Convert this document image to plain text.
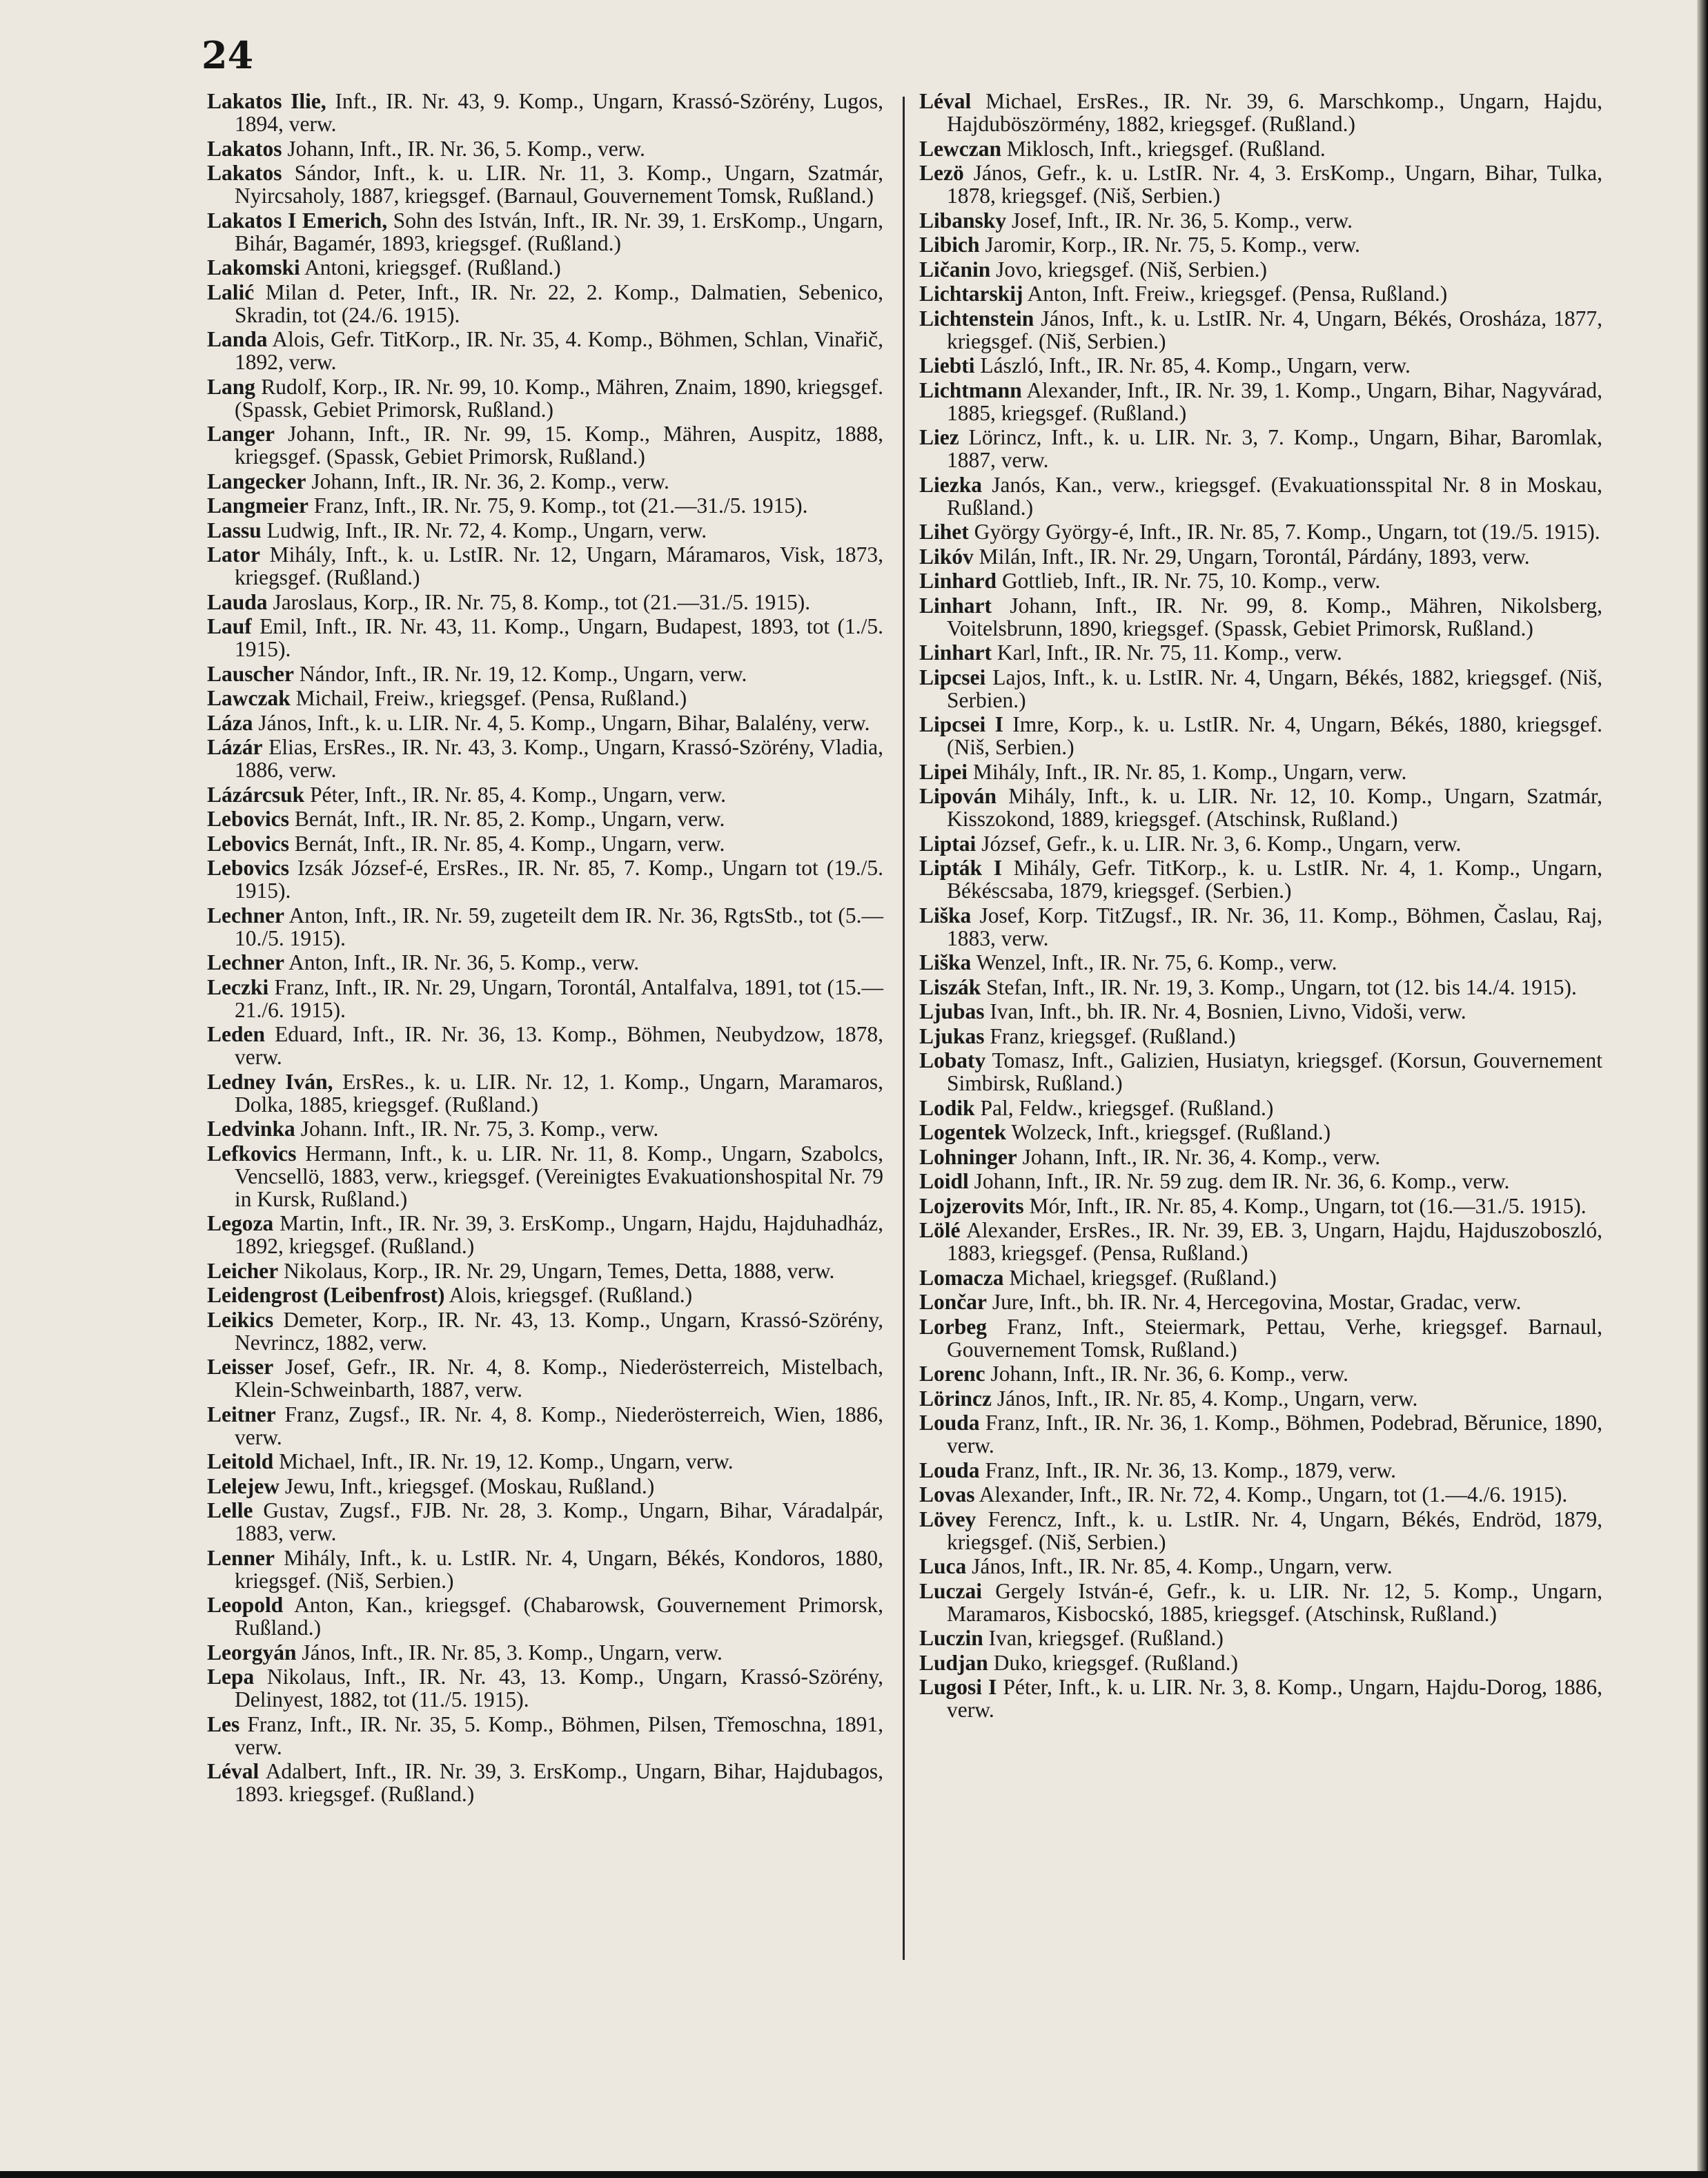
24

Lakatos Ilie, Inft., IR. Nr. 43, 9. Komp., Ungarn, Krassó-Szörény, Lugos, 1894, verw.

Lakatos Johann, Inft., IR. Nr. 36, 5. Komp., verw.

Lakatos Sándor, Inft., k. u. LIR. Nr. 11, 3. Komp., Ungarn, Szatmár, Nyircsaholy, 1887, kriegsgef. (Barnaul, Gouvernement Tomsk, Rußland.)

Lakatos I Emerich, Sohn des István, Inft., IR. Nr. 39, 1. ErsKomp., Ungarn, Bihár, Bagamér, 1893, kriegsgef. (Rußland.)

Lakomski Antoni, kriegsgef. (Rußland.)

Lalić Milan d. Peter, Inft., IR. Nr. 22, 2. Komp., Dalmatien, Sebenico, Skradin, tot (24./6. 1915).

Landa Alois, Gefr. TitKorp., IR. Nr. 35, 4. Komp., Böhmen, Schlan, Vinařič, 1892, verw.

Lang Rudolf, Korp., IR. Nr. 99, 10. Komp., Mähren, Znaim, 1890, kriegsgef. (Spassk, Gebiet Primorsk, Rußland.)

Langer Johann, Inft., IR. Nr. 99, 15. Komp., Mähren, Auspitz, 1888, kriegsgef. (Spassk, Gebiet Primorsk, Rußland.)

Langecker Johann, Inft., IR. Nr. 36, 2. Komp., verw.

Langmeier Franz, Inft., IR. Nr. 75, 9. Komp., tot (21.—31./5. 1915).

Lassu Ludwig, Inft., IR. Nr. 72, 4. Komp., Ungarn, verw.

Lator Mihály, Inft., k. u. LstIR. Nr. 12, Ungarn, Máramaros, Visk, 1873, kriegsgef. (Rußland.)

Lauda Jaroslaus, Korp., IR. Nr. 75, 8. Komp., tot (21.—31./5. 1915).

Lauf Emil, Inft., IR. Nr. 43, 11. Komp., Ungarn, Budapest, 1893, tot (1./5. 1915).

Lauscher Nándor, Inft., IR. Nr. 19, 12. Komp., Ungarn, verw.

Lawczak Michail, Freiw., kriegsgef. (Pensa, Rußland.)

Láza János, Inft., k. u. LIR. Nr. 4, 5. Komp., Ungarn, Bihar, Balalény, verw.

Lázár Elias, ErsRes., IR. Nr. 43, 3. Komp., Ungarn, Krassó-Szörény, Vladia, 1886, verw.

Lázárcsuk Péter, Inft., IR. Nr. 85, 4. Komp., Ungarn, verw.

Lebovics Bernát, Inft., IR. Nr. 85, 2. Komp., Ungarn, verw.

Lebovics Bernát, Inft., IR. Nr. 85, 4. Komp., Ungarn, verw.

Lebovics Izsák József-é, ErsRes., IR. Nr. 85, 7. Komp., Ungarn tot (19./5. 1915).

Lechner Anton, Inft., IR. Nr. 59, zugeteilt dem IR. Nr. 36, RgtsStb., tot (5.—10./5. 1915).

Lechner Anton, Inft., IR. Nr. 36, 5. Komp., verw.

Leczki Franz, Inft., IR. Nr. 29, Ungarn, Torontál, Antalfalva, 1891, tot (15.—21./6. 1915).

Leden Eduard, Inft., IR. Nr. 36, 13. Komp., Böhmen, Neubydzow, 1878, verw.

Ledney Iván, ErsRes., k. u. LIR. Nr. 12, 1. Komp., Ungarn, Maramaros, Dolka, 1885, kriegsgef. (Rußland.)

Ledvinka Johann. Inft., IR. Nr. 75, 3. Komp., verw.

Lefkovics Hermann, Inft., k. u. LIR. Nr. 11, 8. Komp., Ungarn, Szabolcs, Vencsellö, 1883, verw., kriegsgef. (Vereinigtes Evakuationshospital Nr. 79 in Kursk, Rußland.)

Legoza Martin, Inft., IR. Nr. 39, 3. ErsKomp., Ungarn, Hajdu, Hajduhadház, 1892, kriegsgef. (Rußland.)

Leicher Nikolaus, Korp., IR. Nr. 29, Ungarn, Temes, Detta, 1888, verw.

Leidengrost (Leibenfrost) Alois, kriegsgef. (Rußland.)

Leikics Demeter, Korp., IR. Nr. 43, 13. Komp., Ungarn, Krassó-Szörény, Nevrincz, 1882, verw.

Leisser Josef, Gefr., IR. Nr. 4, 8. Komp., Niederösterreich, Mistelbach, Klein-Schweinbarth, 1887, verw.

Leitner Franz, Zugsf., IR. Nr. 4, 8. Komp., Niederösterreich, Wien, 1886, verw.

Leitold Michael, Inft., IR. Nr. 19, 12. Komp., Ungarn, verw.

Lelejew Jewu, Inft., kriegsgef. (Moskau, Rußland.)

Lelle Gustav, Zugsf., FJB. Nr. 28, 3. Komp., Ungarn, Bihar, Váradalpár, 1883, verw.

Lenner Mihály, Inft., k. u. LstIR. Nr. 4, Ungarn, Békés, Kondoros, 1880, kriegsgef. (Niš, Serbien.)

Leopold Anton, Kan., kriegsgef. (Chabarowsk, Gouvernement Primorsk, Rußland.)

Leorgyán János, Inft., IR. Nr. 85, 3. Komp., Ungarn, verw.

Lepa Nikolaus, Inft., IR. Nr. 43, 13. Komp., Ungarn, Krassó-Szörény, Delinyest, 1882, tot (11./5. 1915).

Les Franz, Inft., IR. Nr. 35, 5. Komp., Böhmen, Pilsen, Třemoschna, 1891, verw.

Léval Adalbert, Inft., IR. Nr. 39, 3. ErsKomp., Ungarn, Bihar, Hajdubagos, 1893. kriegsgef. (Rußland.)

Léval Michael, ErsRes., IR. Nr. 39, 6. Marschkomp., Ungarn, Hajdu, Hajduböszörmény, 1882, kriegsgef. (Rußland.)

Lewczan Miklosch, Inft., kriegsgef. (Rußland.

Lezö János, Gefr., k. u. LstIR. Nr. 4, 3. ErsKomp., Ungarn, Bihar, Tulka, 1878, kriegsgef. (Niš, Serbien.)

Libansky Josef, Inft., IR. Nr. 36, 5. Komp., verw.

Libich Jaromir, Korp., IR. Nr. 75, 5. Komp., verw.

Ličanin Jovo, kriegsgef. (Niš, Serbien.)

Lichtarskij Anton, Inft. Freiw., kriegsgef. (Pensa, Rußland.)

Lichtenstein János, Inft., k. u. LstIR. Nr. 4, Ungarn, Békés, Orosháza, 1877, kriegsgef. (Niš, Serbien.)

Liebti László, Inft., IR. Nr. 85, 4. Komp., Ungarn, verw.

Lichtmann Alexander, Inft., IR. Nr. 39, 1. Komp., Ungarn, Bihar, Nagyvárad, 1885, kriegsgef. (Rußland.)

Liez Lörincz, Inft., k. u. LIR. Nr. 3, 7. Komp., Ungarn, Bihar, Baromlak, 1887, verw.

Liezka Janós, Kan., verw., kriegsgef. (Evakuationsspital Nr. 8 in Moskau, Rußland.)

Lihet György György-é, Inft., IR. Nr. 85, 7. Komp., Ungarn, tot (19./5. 1915).

Likóv Milán, Inft., IR. Nr. 29, Ungarn, Torontál, Párdány, 1893, verw.

Linhard Gottlieb, Inft., IR. Nr. 75, 10. Komp., verw.

Linhart Johann, Inft., IR. Nr. 99, 8. Komp., Mähren, Nikolsberg, Voitelsbrunn, 1890, kriegsgef. (Spassk, Gebiet Primorsk, Rußland.)

Linhart Karl, Inft., IR. Nr. 75, 11. Komp., verw.

Lipcsei Lajos, Inft., k. u. LstIR. Nr. 4, Ungarn, Békés, 1882, kriegsgef. (Niš, Serbien.)

Lipcsei I Imre, Korp., k. u. LstIR. Nr. 4, Ungarn, Békés, 1880, kriegsgef. (Niš, Serbien.)

Lipei Mihály, Inft., IR. Nr. 85, 1. Komp., Ungarn, verw.

Lipován Mihály, Inft., k. u. LIR. Nr. 12, 10. Komp., Ungarn, Szatmár, Kisszokond, 1889, kriegsgef. (Atschinsk, Rußland.)

Liptai József, Gefr., k. u. LIR. Nr. 3, 6. Komp., Ungarn, verw.

Lipták I Mihály, Gefr. TitKorp., k. u. LstIR. Nr. 4, 1. Komp., Ungarn, Békéscsaba, 1879, kriegsgef. (Serbien.)

Liška Josef, Korp. TitZugsf., IR. Nr. 36, 11. Komp., Böhmen, Časlau, Raj, 1883, verw.

Liška Wenzel, Inft., IR. Nr. 75, 6. Komp., verw.

Liszák Stefan, Inft., IR. Nr. 19, 3. Komp., Ungarn, tot (12. bis 14./4. 1915).

Ljubas Ivan, Inft., bh. IR. Nr. 4, Bosnien, Livno, Vidoši, verw.

Ljukas Franz, kriegsgef. (Rußland.)

Lobaty Tomasz, Inft., Galizien, Husiatyn, kriegsgef. (Korsun, Gouvernement Simbirsk, Rußland.)

Lodik Pal, Feldw., kriegsgef. (Rußland.)

Logentek Wolzeck, Inft., kriegsgef. (Rußland.)

Lohninger Johann, Inft., IR. Nr. 36, 4. Komp., verw.

Loidl Johann, Inft., IR. Nr. 59 zug. dem IR. Nr. 36, 6. Komp., verw.

Lojzerovits Mór, Inft., IR. Nr. 85, 4. Komp., Ungarn, tot (16.—31./5. 1915).

Lölé Alexander, ErsRes., IR. Nr. 39, EB. 3, Ungarn, Hajdu, Hajduszoboszló, 1883, kriegsgef. (Pensa, Rußland.)

Lomacza Michael, kriegsgef. (Rußland.)

Lončar Jure, Inft., bh. IR. Nr. 4, Hercegovina, Mostar, Gradac, verw.

Lorbeg Franz, Inft., Steiermark, Pettau, Verhe, kriegsgef. Barnaul, Gouvernement Tomsk, Rußland.)

Lorenc Johann, Inft., IR. Nr. 36, 6. Komp., verw.

Lörincz János, Inft., IR. Nr. 85, 4. Komp., Ungarn, verw.

Louda Franz, Inft., IR. Nr. 36, 1. Komp., Böhmen, Podebrad, Běrunice, 1890, verw.

Louda Franz, Inft., IR. Nr. 36, 13. Komp., 1879, verw.

Lovas Alexander, Inft., IR. Nr. 72, 4. Komp., Ungarn, tot (1.—4./6. 1915).

Lövey Ferencz, Inft., k. u. LstIR. Nr. 4, Ungarn, Békés, Endröd, 1879, kriegsgef. (Niš, Serbien.)

Luca János, Inft., IR. Nr. 85, 4. Komp., Ungarn, verw.

Luczai Gergely István-é, Gefr., k. u. LIR. Nr. 12, 5. Komp., Ungarn, Maramaros, Kisbocskó, 1885, kriegsgef. (Atschinsk, Rußland.)

Luczin Ivan, kriegsgef. (Rußland.)

Ludjan Duko, kriegsgef. (Rußland.)

Lugosi I Péter, Inft., k. u. LIR. Nr. 3, 8. Komp., Ungarn, Hajdu-Dorog, 1886, verw.
